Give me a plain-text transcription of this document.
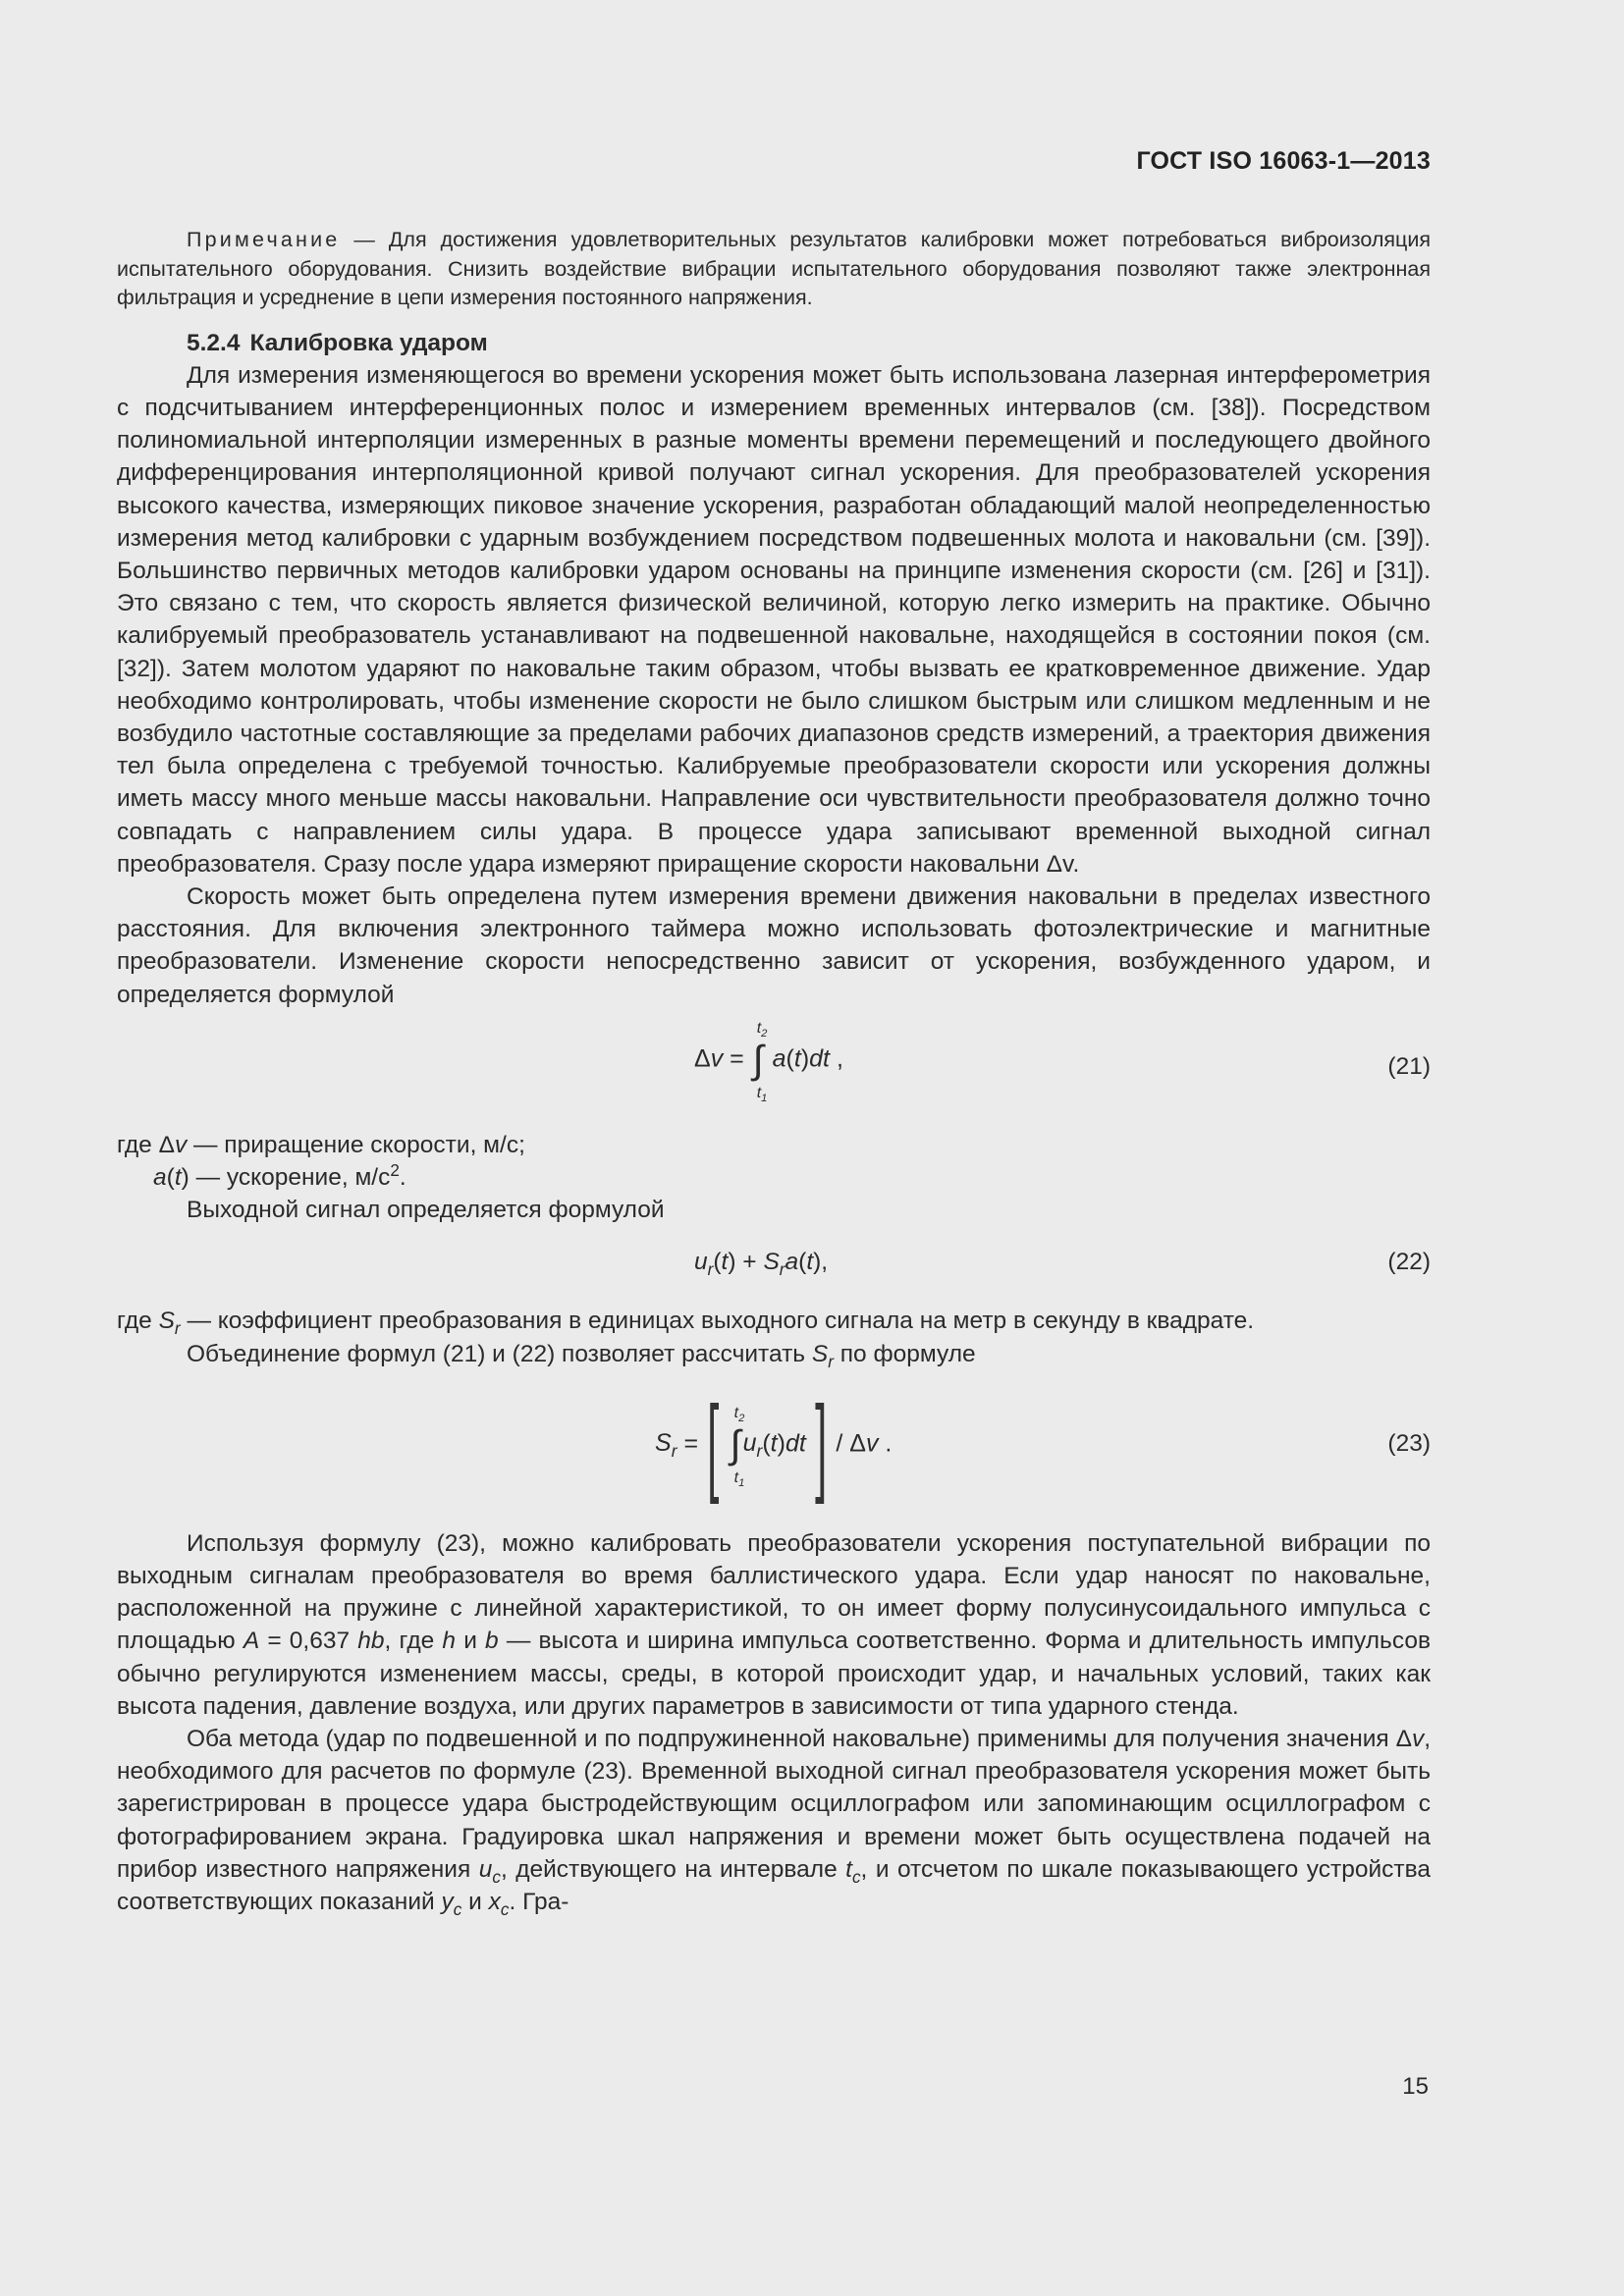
ГОСТ ISO 16063-1—2013

Примечание — Для достижения удовлетворительных результатов калибровки может потребоваться виброизоляция испытательного оборудования. Снизить воздействие вибрации испытательного оборудования позволяют также электронная фильтрация и усреднение в цепи измерения постоянного напряжения.

5.2.4 Калибровка ударом

Для измерения изменяющегося во времени ускорения может быть использована лазерная интерферометрия с подсчитыванием интерференционных полос и измерением временных интервалов (см. [38]). Посредством полиномиальной интерполяции измеренных в разные моменты времени перемещений и последующего двойного дифференцирования интерполяционной кривой получают сигнал ускорения. Для преобразователей ускорения высокого качества, измеряющих пиковое значение ускорения, разработан обладающий малой неопределенностью измерения метод калибровки с ударным возбуждением посредством подвешенных молота и наковальни (см. [39]). Большинство первичных методов калибровки ударом основаны на принципе изменения скорости (см. [26] и [31]). Это связано с тем, что скорость является физической величиной, которую легко измерить на практике. Обычно калибруемый преобразователь устанавливают на подвешенной наковальне, находящейся в состоянии покоя (см. [32]). Затем молотом ударяют по наковальне таким образом, чтобы вызвать ее кратковременное движение. Удар необходимо контролировать, чтобы изменение скорости не было слишком быстрым или слишком медленным и не возбудило частотные составляющие за пределами рабочих диапазонов средств измерений, а траектория движения тел была определена с требуемой точностью. Калибруемые преобразователи скорости или ускорения должны иметь массу много меньше массы наковальни. Направление оси чувствительности преобразователя должно точно совпадать с направлением силы удара. В процессе удара записывают временной выходной сигнал преобразователя. Сразу после удара измеряют приращение скорости наковальни Δv.

Скорость может быть определена путем измерения времени движения наковальни в пределах известного расстояния. Для включения электронного таймера можно использовать фотоэлектрические и магнитные преобразователи. Изменение скорости непосредственно зависит от ускорения, возбужденного ударом, и определяется формулой

Δv = ∫
$t_2$
$t_1$
a(t)dt ,	(21)

где Δv — приращение скорости, м/с;

a(t) — ускорение, $м/с^2$.

Выходной сигнал определяется формулой

$u_r(t) + S_ra(t)$,	(22)

где $S_r$ — коэффициент преобразования в единицах выходного сигнала на метр в секунду в квадрате.

Объединение формул (21) и (22) позволяет рассчитать $S_r$ по формуле

$S_r$ =[ ∫
$t_2$
$t_1$
$u_r(t)dt$] / Δv .	(23)

Используя формулу (23), можно калибровать преобразователи ускорения поступательной вибрации по выходным сигналам преобразователя во время баллистического удара. Если удар наносят по наковальне, расположенной на пружине с линейной характеристикой, то он имеет форму полусинусоидального импульса с площадью A = 0,637 hb, где h и b — высота и ширина импульса соответственно. Форма и длительность импульсов обычно регулируются изменением массы, среды, в которой происходит удар, и начальных условий, таких как высота падения, давление воздуха, или других параметров в зависимости от типа ударного стенда.

Оба метода (удар по подвешенной и по подпружиненной наковальне) применимы для получения значения Δv, необходимого для расчетов по формуле (23). Временной выходной сигнал преобразователя ускорения может быть зарегистрирован в процессе удара быстродействующим осциллографом или запоминающим осциллографом с фотографированием экрана. Градуировка шкал напряжения и времени может быть осуществлена подачей на прибор известного напряжения $u_c$, действующего на интервале $t_c$, и отсчетом по шкале показывающего устройства соответствующих показаний $y_c$ и $x_c$. Гра-

15
